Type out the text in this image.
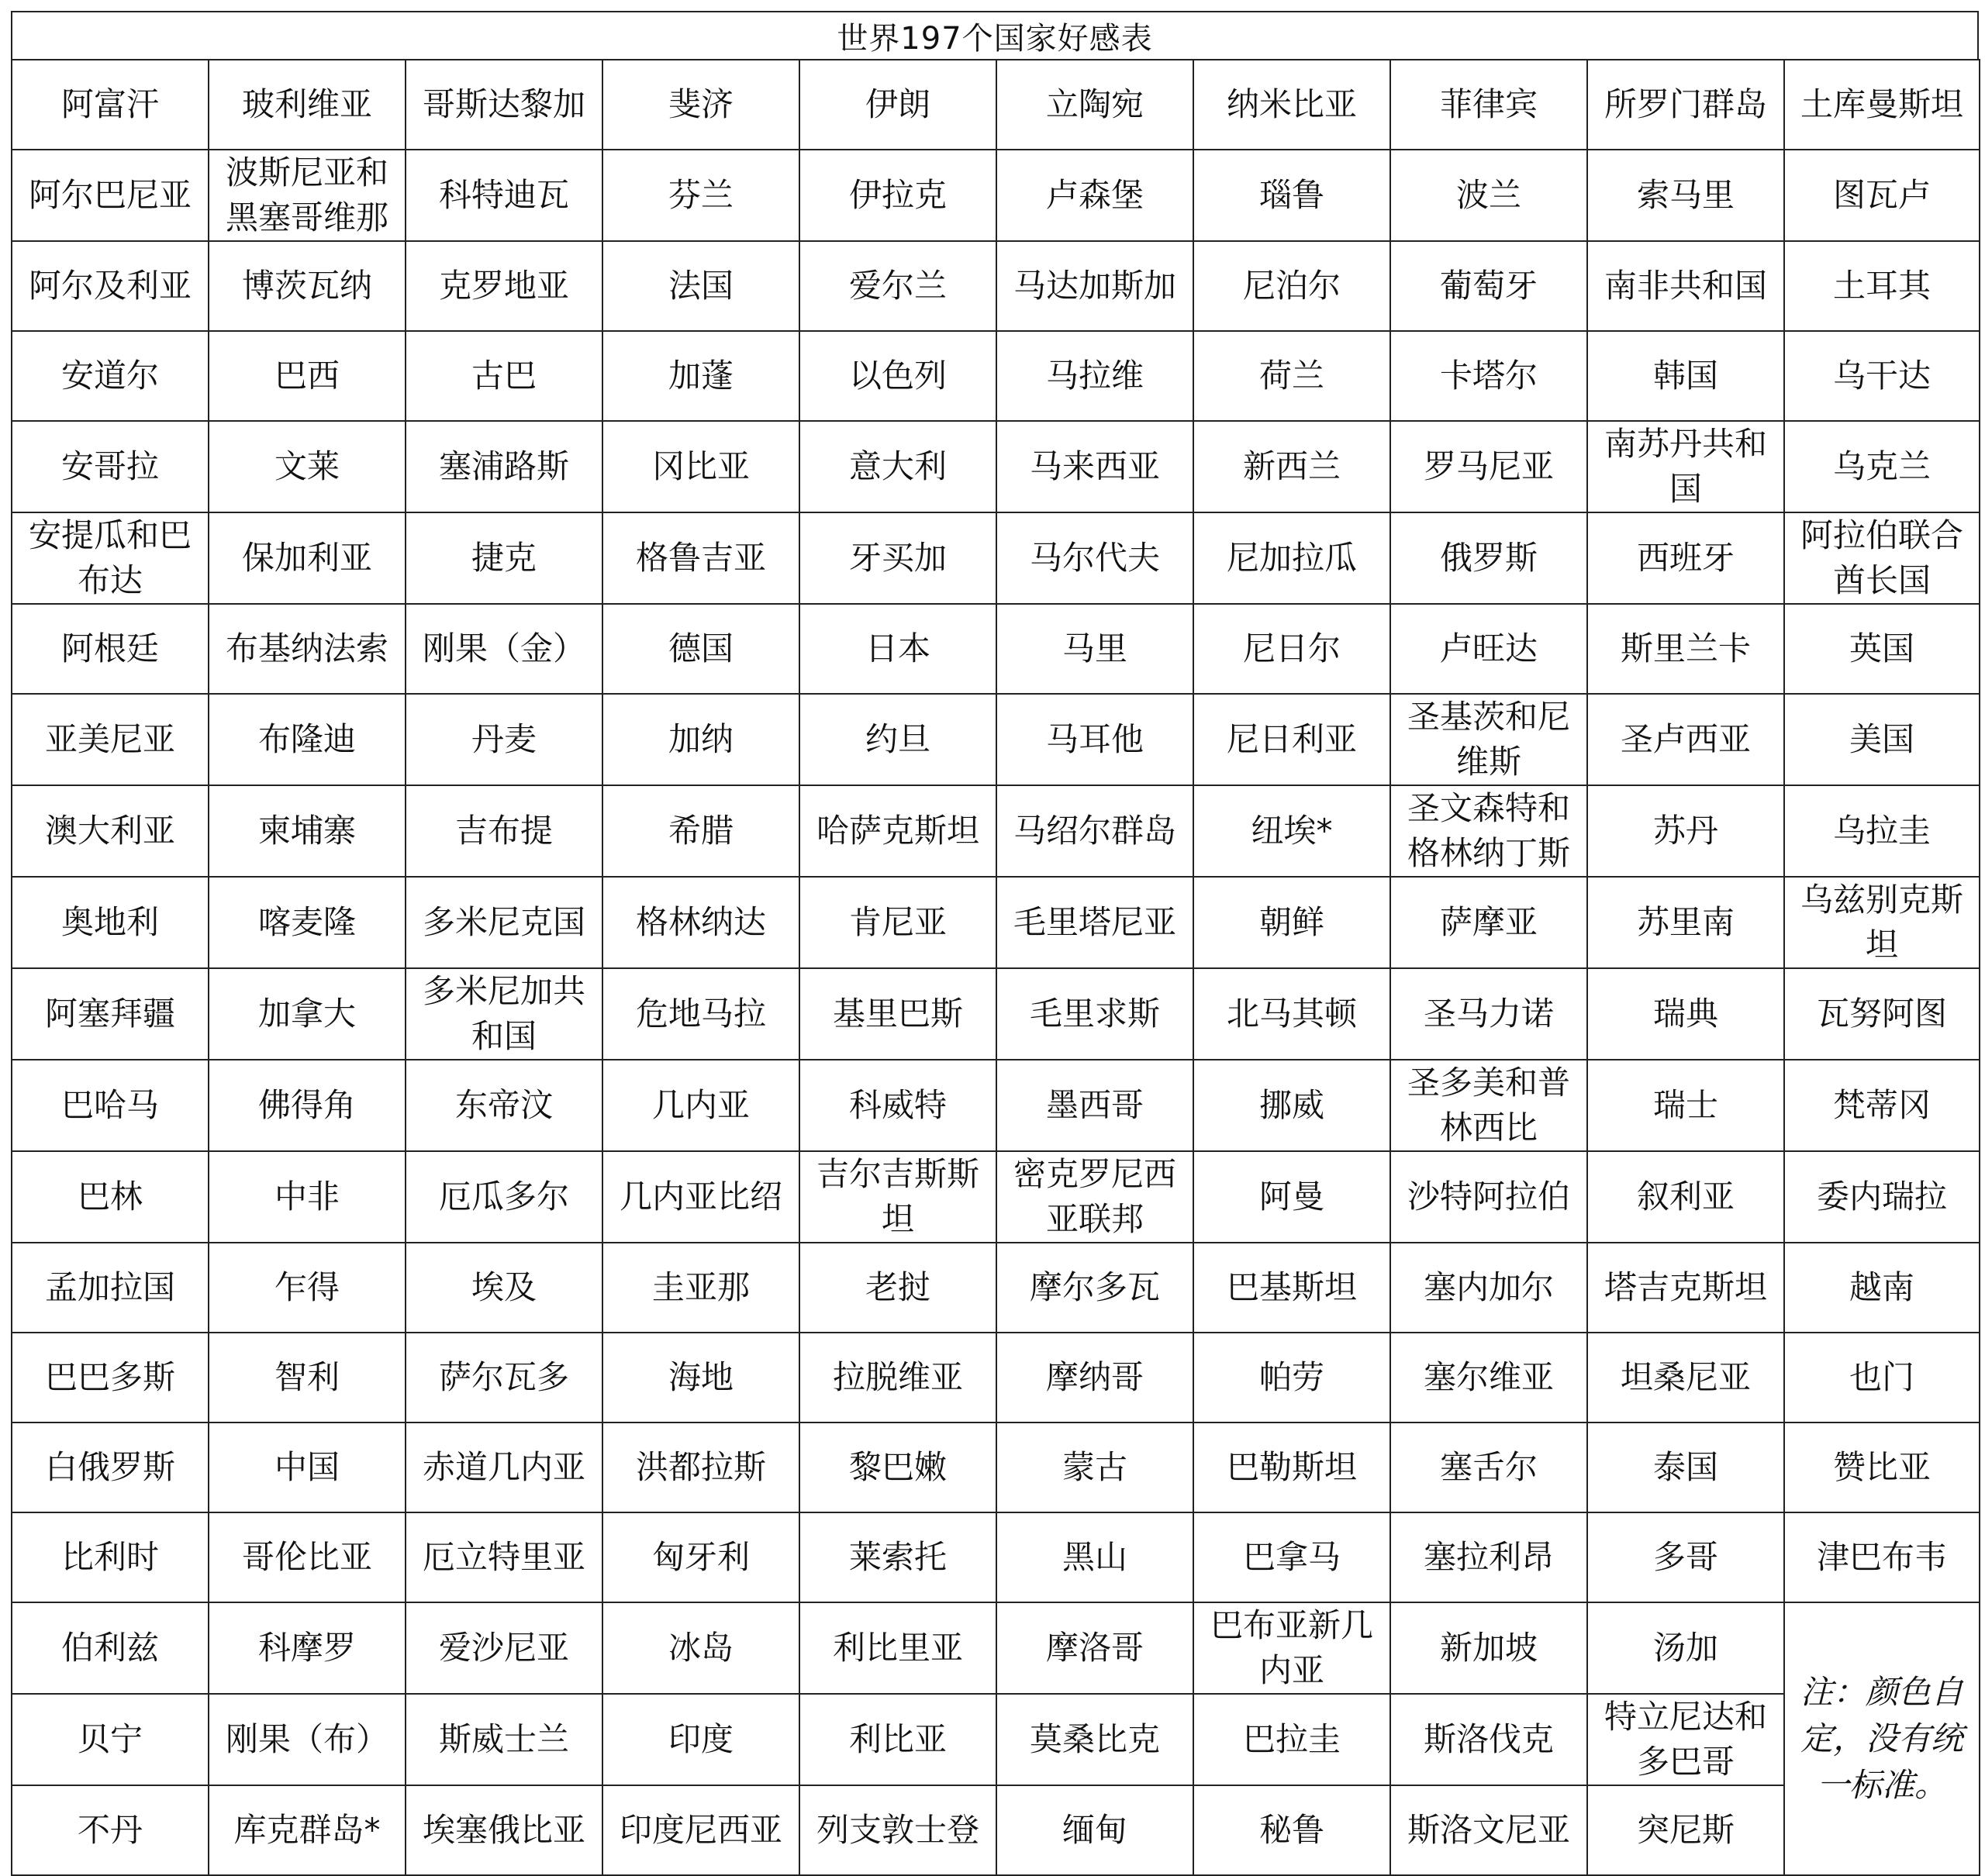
世界197个国家好感表
阿富汗	玻利维亚	哥斯达黎加	斐济	伊朗	立陶宛	纳米比亚	菲律宾	所罗门群岛	土库曼斯坦
阿尔巴尼亚	波斯尼亚和黑塞哥维那	科特迪瓦	芬兰	伊拉克	卢森堡	瑙鲁	波兰	索马里	图瓦卢
阿尔及利亚	博茨瓦纳	克罗地亚	法国	爱尔兰	马达加斯加	尼泊尔	葡萄牙	南非共和国	土耳其
安道尔	巴西	古巴	加蓬	以色列	马拉维	荷兰	卡塔尔	韩国	乌干达
安哥拉	文莱	塞浦路斯	冈比亚	意大利	马来西亚	新西兰	罗马尼亚	南苏丹共和国	乌克兰
安提瓜和巴布达	保加利亚	捷克	格鲁吉亚	牙买加	马尔代夫	尼加拉瓜	俄罗斯	西班牙	阿拉伯联合酋长国
阿根廷	布基纳法索	刚果（金）	德国	日本	马里	尼日尔	卢旺达	斯里兰卡	英国
亚美尼亚	布隆迪	丹麦	加纳	约旦	马耳他	尼日利亚	圣基茨和尼维斯	圣卢西亚	美国
澳大利亚	柬埔寨	吉布提	希腊	哈萨克斯坦	马绍尔群岛	纽埃*	圣文森特和格林纳丁斯	苏丹	乌拉圭
奥地利	喀麦隆	多米尼克国	格林纳达	肯尼亚	毛里塔尼亚	朝鲜	萨摩亚	苏里南	乌兹别克斯坦
阿塞拜疆	加拿大	多米尼加共和国	危地马拉	基里巴斯	毛里求斯	北马其顿	圣马力诺	瑞典	瓦努阿图
巴哈马	佛得角	东帝汶	几内亚	科威特	墨西哥	挪威	圣多美和普林西比	瑞士	梵蒂冈
巴林	中非	厄瓜多尔	几内亚比绍	吉尔吉斯斯坦	密克罗尼西亚联邦	阿曼	沙特阿拉伯	叙利亚	委内瑞拉
孟加拉国	乍得	埃及	圭亚那	老挝	摩尔多瓦	巴基斯坦	塞内加尔	塔吉克斯坦	越南
巴巴多斯	智利	萨尔瓦多	海地	拉脱维亚	摩纳哥	帕劳	塞尔维亚	坦桑尼亚	也门
白俄罗斯	中国	赤道几内亚	洪都拉斯	黎巴嫩	蒙古	巴勒斯坦	塞舌尔	泰国	赞比亚
比利时	哥伦比亚	厄立特里亚	匈牙利	莱索托	黑山	巴拿马	塞拉利昂	多哥	津巴布韦
伯利兹	科摩罗	爱沙尼亚	冰岛	利比里亚	摩洛哥	巴布亚新几内亚	新加坡	汤加	注：颜色自定，没有统一标准。
贝宁	刚果（布）	斯威士兰	印度	利比亚	莫桑比克	巴拉圭	斯洛伐克	特立尼达和多巴哥	
不丹	库克群岛*	埃塞俄比亚	印度尼西亚	列支敦士登	缅甸	秘鲁	斯洛文尼亚	突尼斯	
